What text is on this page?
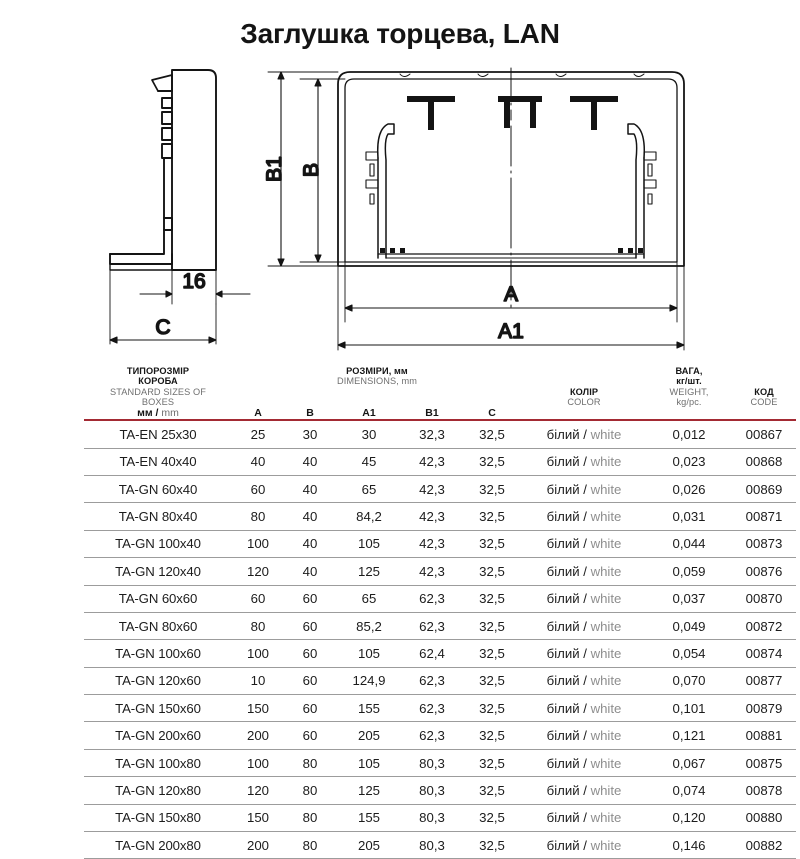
Заглушка торцева, LAN
16
C
B1 B
A
A1
ТИПОРОЗМІР
КОРОБА
STANDARD SIZES OF
BOXES	РОЗМІРИ, мм
DIMENSIONS, mm					КОЛІР
COLOR	ВАГА,
кг/шт.
WEIGHT,
kg/pc.	КОД
CODE

мм / mm	A	B	A1	B1	C			

TA-EN 25x30	25	30	30	32,3	32,5	білий / white	0,012	00867
TA-EN 40x40	40	40	45	42,3	32,5	білий / white	0,023	00868
TA-GN 60x40	60	40	65	42,3	32,5	білий / white	0,026	00869
TA-GN 80x40	80	40	84,2	42,3	32,5	білий / white	0,031	00871
TA-GN 100x40	100	40	105	42,3	32,5	білий / white	0,044	00873
TA-GN 120x40	120	40	125	42,3	32,5	білий / white	0,059	00876
TA-GN 60x60	60	60	65	62,3	32,5	білий / white	0,037	00870
TA-GN 80x60	80	60	85,2	62,3	32,5	білий / white	0,049	00872
TA-GN 100x60	100	60	105	62,4	32,5	білий / white	0,054	00874
TA-GN 120x60	10	60	124,9	62,3	32,5	білий / white	0,070	00877
TA-GN 150x60	150	60	155	62,3	32,5	білий / white	0,101	00879
TA-GN 200x60	200	60	205	62,3	32,5	білий / white	0,121	00881
TA-GN 100x80	100	80	105	80,3	32,5	білий / white	0,067	00875
TA-GN 120x80	120	80	125	80,3	32,5	білий / white	0,074	00878
TA-GN 150x80	150	80	155	80,3	32,5	білий / white	0,120	00880
TA-GN 200x80	200	80	205	80,3	32,5	білий / white	0,146	00882
